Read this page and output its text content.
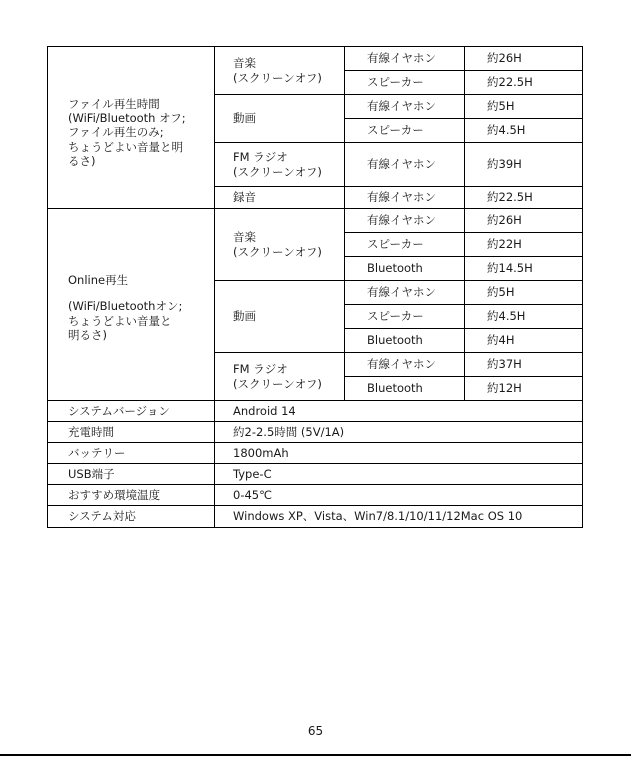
ファイル再生時間
(WiFi/Bluetooth オフ;
ファイル再生のみ;
ちょうどよい音量と明
るさ)	音楽
(スクリーンオフ)	有線イヤホン	約26H
		スピーカー	約22.5H
	動画	有線イヤホン	約5H
		スピーカー	約4.5H

	FM ラジオ
(スクリーンオフ)	有線イヤホン	約39H

	録音	有線イヤホン	約22.5H

Online再生
(WiFi/Bluetoothオン;
ちょうどよい音量と
明るさ)	音楽
(スクリーンオフ)	有線イヤホン	約26H
		スピーカー	約22H
		Bluetooth	約14.5H
	動画	有線イヤホン	約5H
		スピーカー	約4.5H
		Bluetooth	約4H

	FM ラジオ
(スクリーンオフ)	有線イヤホン	約37H
		Bluetooth	約12H
システムバージョン	Android 14		
充電時間	約2-2.5時間 (5V/1A)		
バッテリー	1800mAh		
USB端子	Type-C		
おすすめ環境温度	0-45℃		
システム対応	Windows XP、Vista、Win7/8.1/10/11/12Mac OS 10		
65
